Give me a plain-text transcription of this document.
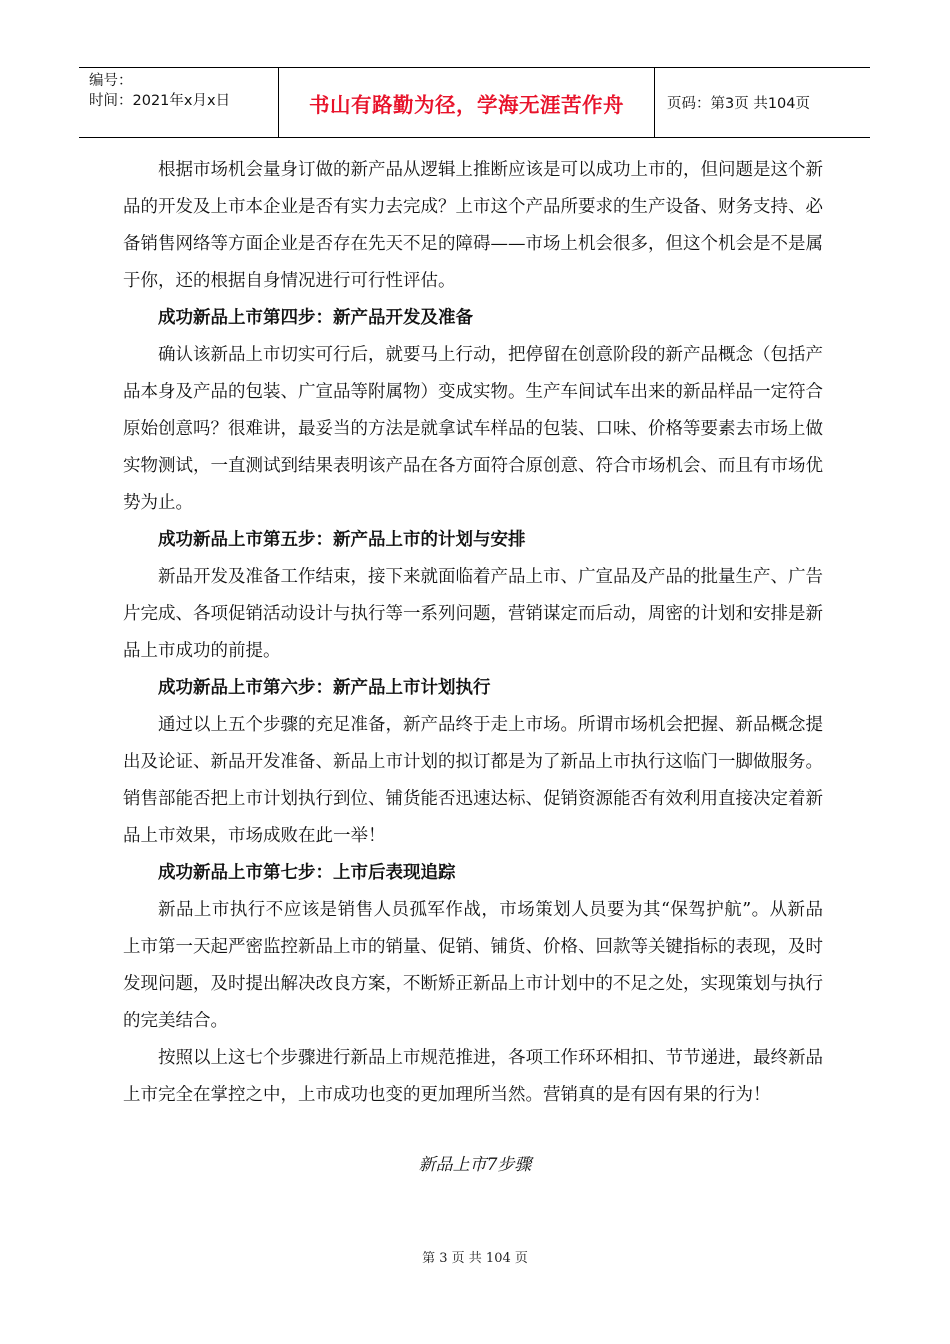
编号：
时间：2021年x月x日	书山有路勤为径，学海无涯苦作舟	页码：第3页 共104页

根据市场机会量身订做的新产品从逻辑上推断应该是可以成功上市的，但问题是这个新品的开发及上市本企业是否有实力去完成？上市这个产品所要求的生产设备、财务支持、必备销售网络等方面企业是否存在先天不足的障碍——市场上机会很多，但这个机会是不是属于你，还的根据自身情况进行可行性评估。

成功新品上市第四步：新产品开发及准备

确认该新品上市切实可行后，就要马上行动，把停留在创意阶段的新产品概念（包括产品本身及产品的包装、广宣品等附属物）变成实物。生产车间试车出来的新品样品一定符合原始创意吗？很难讲，最妥当的方法是就拿试车样品的包装、口味、价格等要素去市场上做实物测试，一直测试到结果表明该产品在各方面符合原创意、符合市场机会、而且有市场优势为止。

成功新品上市第五步：新产品上市的计划与安排

新品开发及准备工作结束，接下来就面临着产品上市、广宣品及产品的批量生产、广告片完成、各项促销活动设计与执行等一系列问题，营销谋定而后动，周密的计划和安排是新品上市成功的前提。

成功新品上市第六步：新产品上市计划执行

通过以上五个步骤的充足准备，新产品终于走上市场。所谓市场机会把握、新品概念提出及论证、新品开发准备、新品上市计划的拟订都是为了新品上市执行这临门一脚做服务。销售部能否把上市计划执行到位、铺货能否迅速达标、促销资源能否有效利用直接决定着新品上市效果，市场成败在此一举！

成功新品上市第七步：上市后表现追踪

新品上市执行不应该是销售人员孤军作战，市场策划人员要为其“保驾护航”。从新品上市第一天起严密监控新品上市的销量、促销、铺货、价格、回款等关键指标的表现，及时发现问题，及时提出解决改良方案，不断矫正新品上市计划中的不足之处，实现策划与执行的完美结合。

按照以上这七个步骤进行新品上市规范推进，各项工作环环相扣、节节递进，最终新品上市完全在掌控之中，上市成功也变的更加理所当然。营销真的是有因有果的行为！

新品上市7步骤
第 3 页 共 104 页
